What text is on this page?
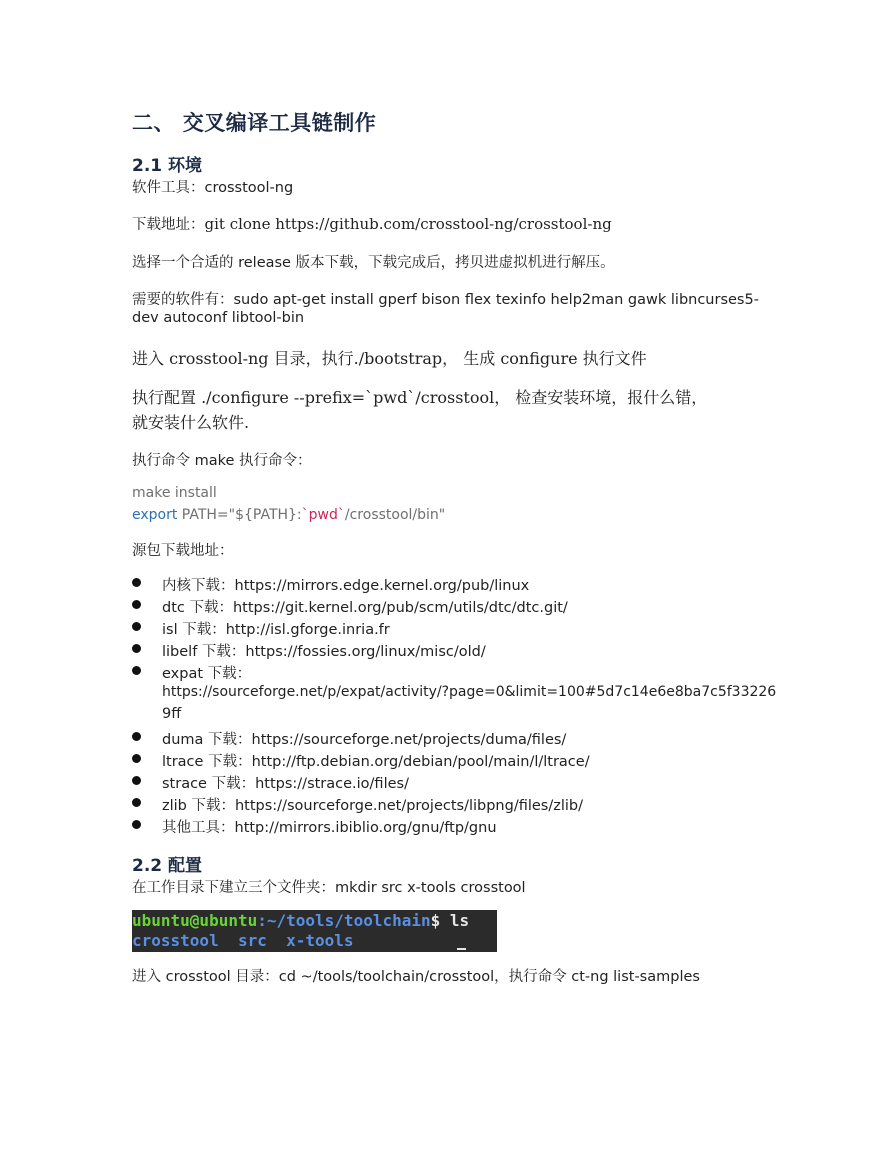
二、 交叉编译工具链制作
2.1 环境
软件工具：crosstool-ng
下载地址：git clone https://github.com/crosstool-ng/crosstool-ng
选择一个合适的 release 版本下载，下载完成后，拷贝进虚拟机进行解压。
需要的软件有：sudo apt-get install gperf bison flex texinfo help2man gawk libncurses5-
dev autoconf libtool-bin
进入 crosstool-ng 目录，执行./bootstrap， 生成 configure 执行文件
执行配置 ./configure --prefix=`pwd`/crosstool， 检查安装环境，报什么错，
就安装什么软件.
执行命令 make 执行命令：
make install
export PATH="${PATH}:`pwd`/crosstool/bin"
源包下载地址：
内核下载：https://mirrors.edge.kernel.org/pub/linux
dtc 下载：https://git.kernel.org/pub/scm/utils/dtc/dtc.git/
isl 下载：http://isl.gforge.inria.fr
libelf 下载：https://fossies.org/linux/misc/old/
expat 下载：
https://sourceforge.net/p/expat/activity/?page=0&limit=100#5d7c14e6e8ba7c5f33226
9ff
duma 下载：https://sourceforge.net/projects/duma/files/
ltrace 下载：http://ftp.debian.org/debian/pool/main/l/ltrace/
strace 下载：https://strace.io/files/
zlib 下载：https://sourceforge.net/projects/libpng/files/zlib/
其他工具：http://mirrors.ibiblio.org/gnu/ftp/gnu
2.2 配置
在工作目录下建立三个文件夹：mkdir src x-tools crosstool
ubuntu@ubuntu:~/tools/toolchain$ ls
crosstool  src  x-tools
进入 crosstool 目录：cd ~/tools/toolchain/crosstool，执行命令 ct-ng list-samples
